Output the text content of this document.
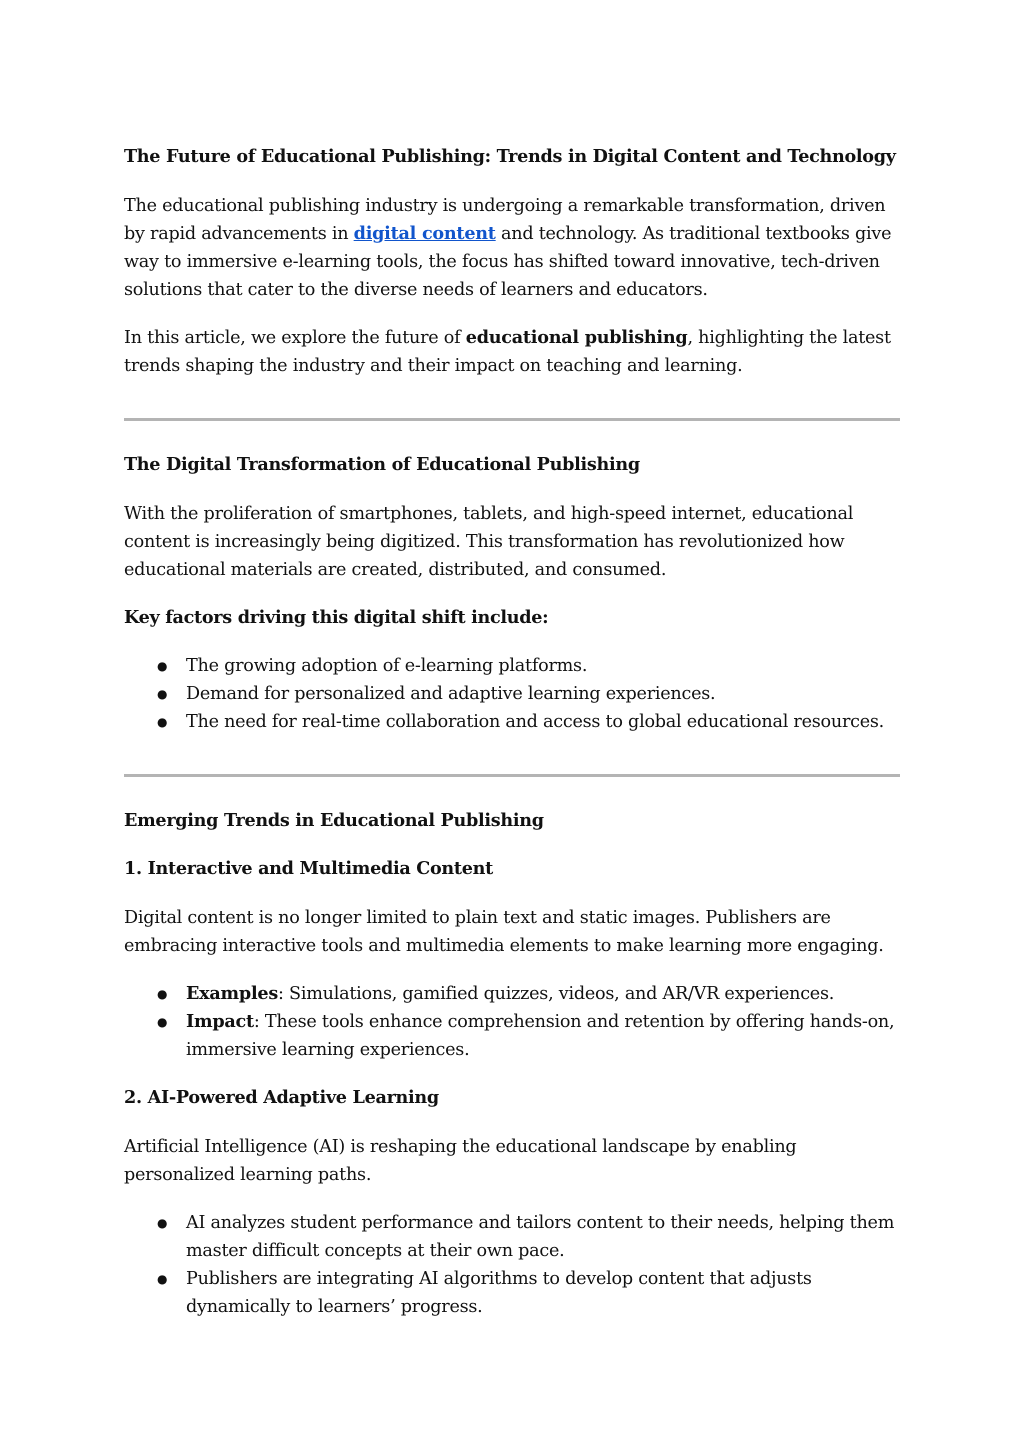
The Future of Educational Publishing: Trends in Digital Content and Technology

The educational publishing industry is undergoing a remarkable transformation, driven by rapid advancements in digital content and technology. As traditional textbooks give way to immersive e-learning tools, the focus has shifted toward innovative, tech-driven solutions that cater to the diverse needs of learners and educators.

In this article, we explore the future of educational publishing, highlighting the latest trends shaping the industry and their impact on teaching and learning.

The Digital Transformation of Educational Publishing

With the proliferation of smartphones, tablets, and high-speed internet, educational content is increasingly being digitized. This transformation has revolutionized how educational materials are created, distributed, and consumed.

Key factors driving this digital shift include:
● The growing adoption of e-learning platforms.
● Demand for personalized and adaptive learning experiences.
● The need for real-time collaboration and access to global educational resources.
Emerging Trends in Educational Publishing
1. Interactive and Multimedia Content

Digital content is no longer limited to plain text and static images. Publishers are embracing interactive tools and multimedia elements to make learning more engaging.

● Examples: Simulations, gamified quizzes, videos, and AR/VR experiences.
● Impact: These tools enhance comprehension and retention by offering hands-on, immersive learning experiences.
2. AI-Powered Adaptive Learning

Artificial Intelligence (AI) is reshaping the educational landscape by enabling personalized learning paths.

● AI analyzes student performance and tailors content to their needs, helping them master difficult concepts at their own pace.
● Publishers are integrating AI algorithms to develop content that adjusts dynamically to learners’ progress.
